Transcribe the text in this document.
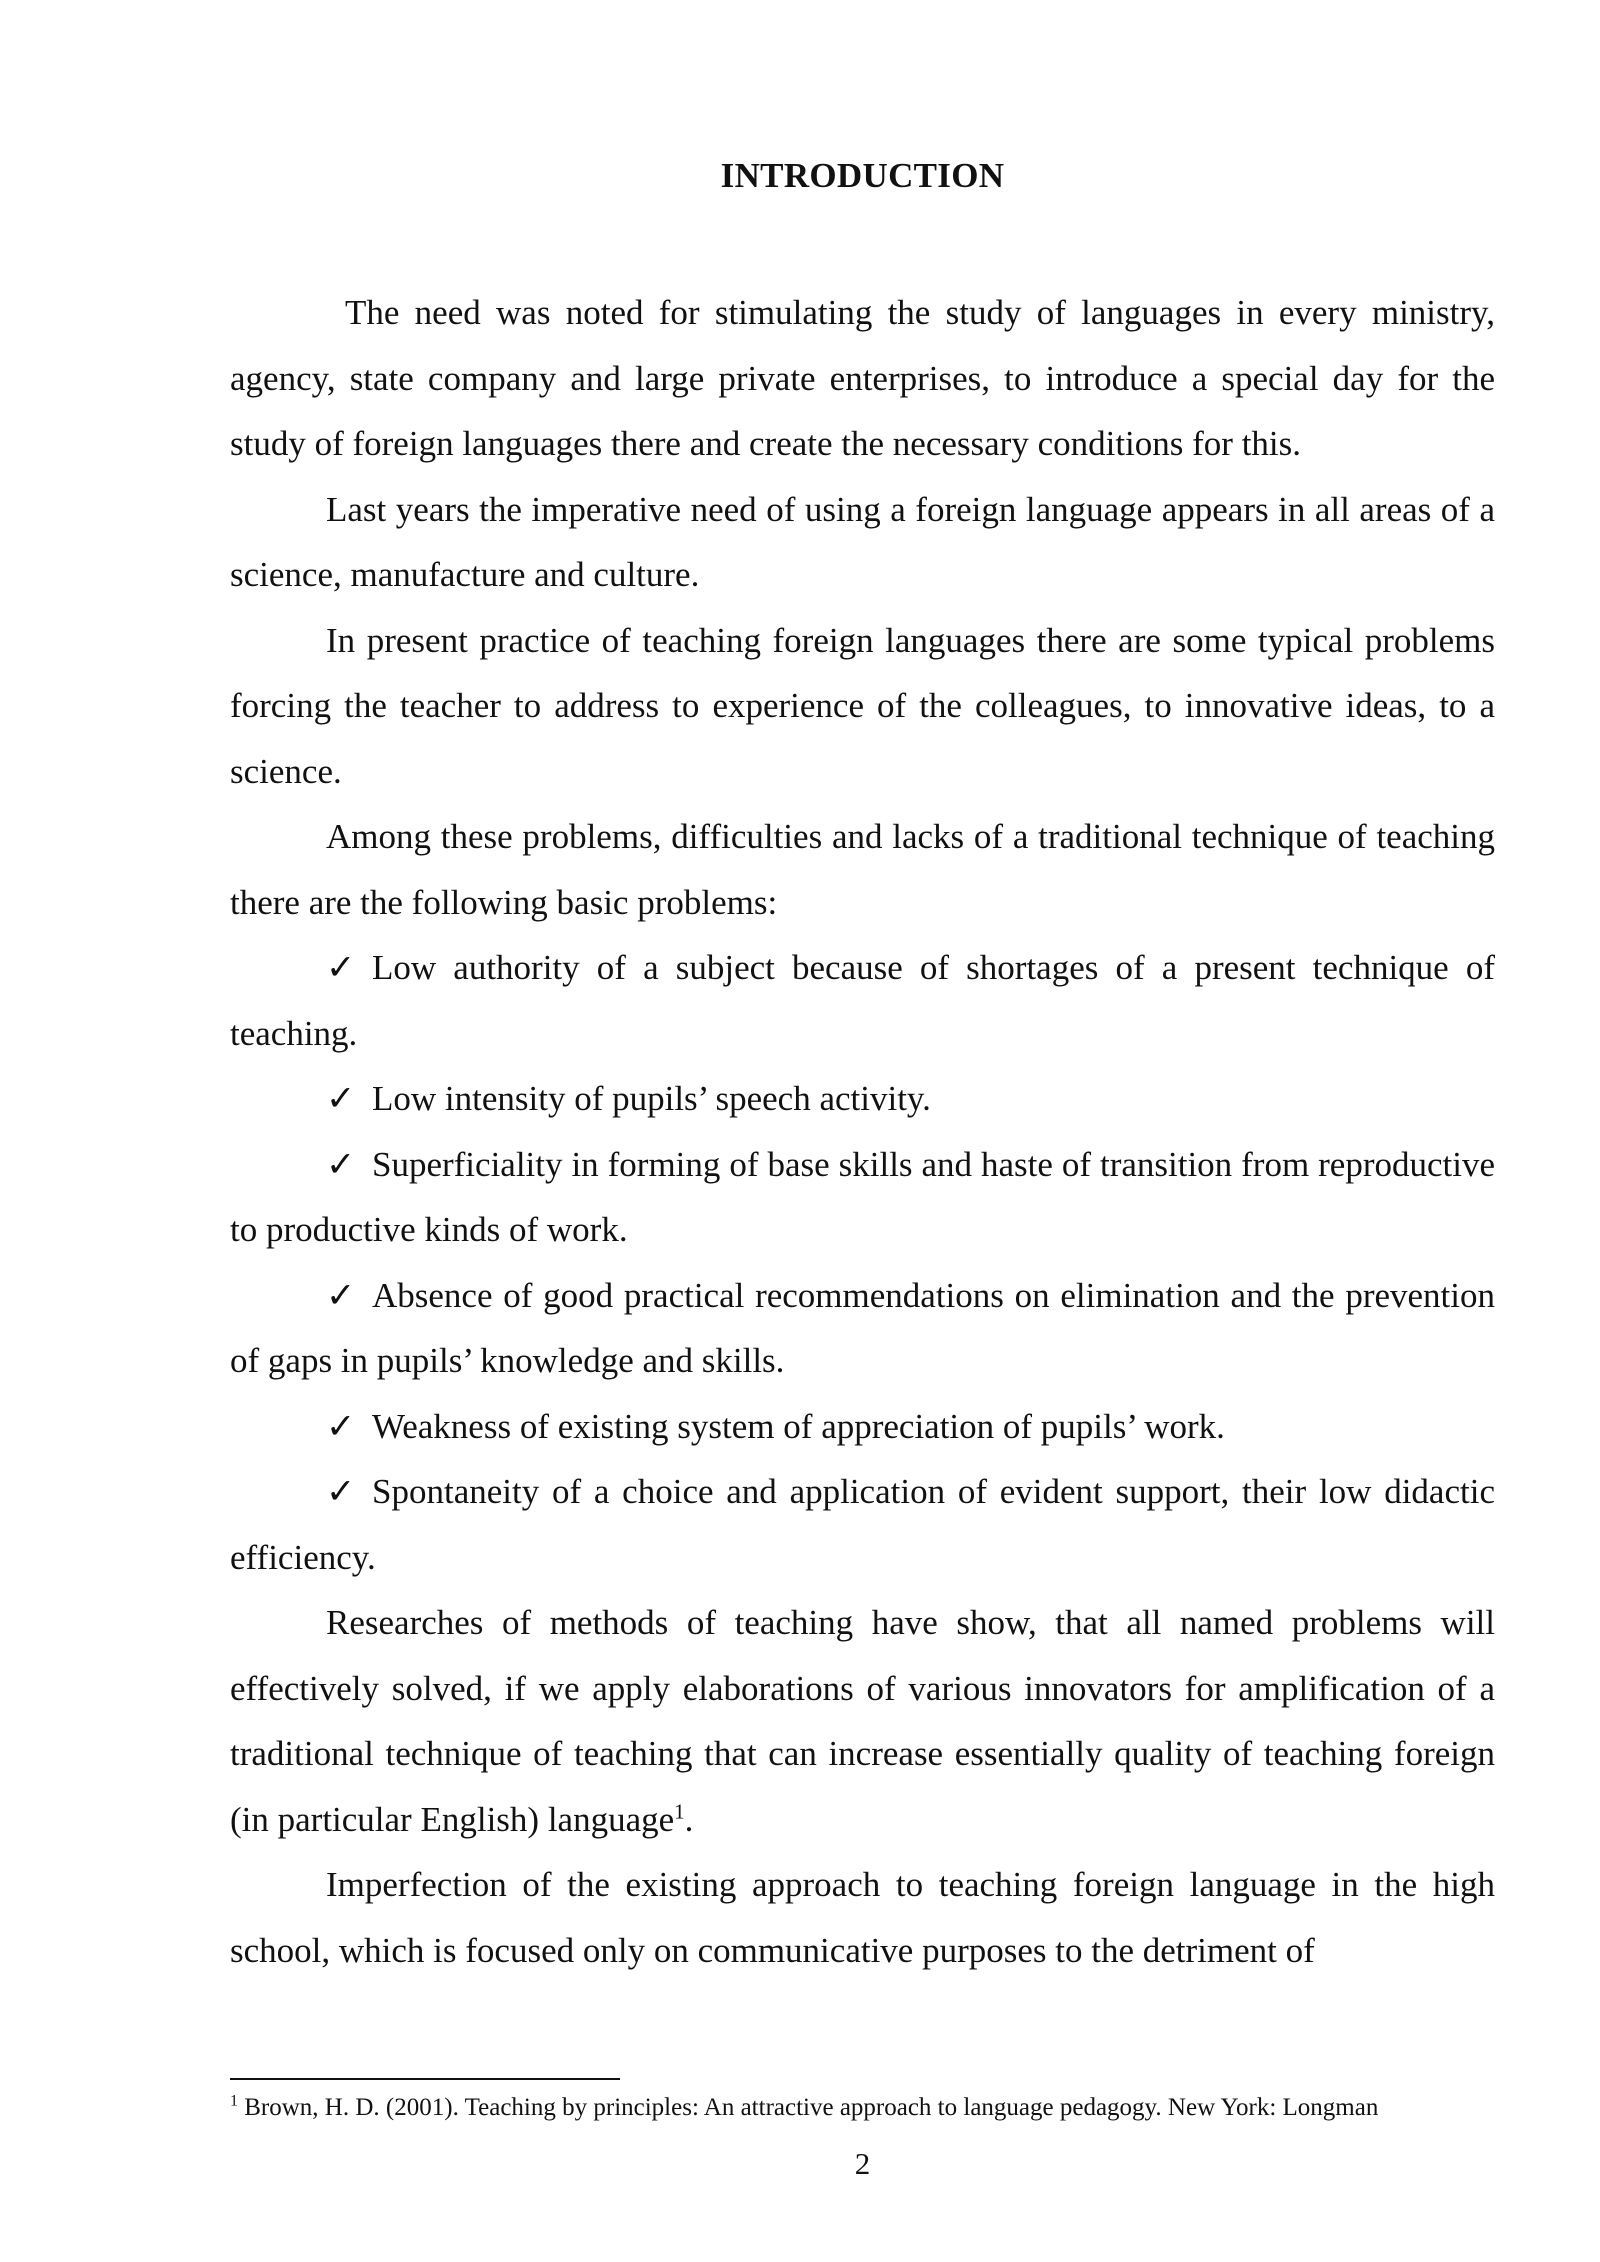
INTRODUCTION

The need was noted for stimulating the study of languages in every ministry, agency, state company and large private enterprises, to introduce a special day for the study of foreign languages there and create the necessary conditions for this.

Last years the imperative need of using a foreign language appears in all areas of a science, manufacture and culture.

In present practice of teaching foreign languages there are some typical problems forcing the teacher to address to experience of the colleagues, to innovative ideas, to a science.

Among these problems, difficulties and lacks of a traditional technique of teaching there are the following basic problems:

✓ Low authority of a subject because of shortages of a present technique of teaching.

✓ Low intensity of pupils’ speech activity.

✓ Superficiality in forming of base skills and haste of transition from reproductive to productive kinds of work.

✓ Absence of good practical recommendations on elimination and the prevention of gaps in pupils’ knowledge and skills.

✓ Weakness of existing system of appreciation of pupils’ work.

✓ Spontaneity of a choice and application of evident support, their low didactic efficiency.

Researches of methods of teaching have show, that all named problems will effectively solved, if we apply elaborations of various innovators for amplification of a traditional technique of teaching that can increase essentially quality of teaching foreign (in particular English) language$^1$.

Imperfection of the existing approach to teaching foreign language in the high school, which is focused only on communicative purposes to the detriment of

$^1$ Brown, H. D. (2001). Teaching by principles: An attractive approach to language pedagogy. New York: Longman
2
